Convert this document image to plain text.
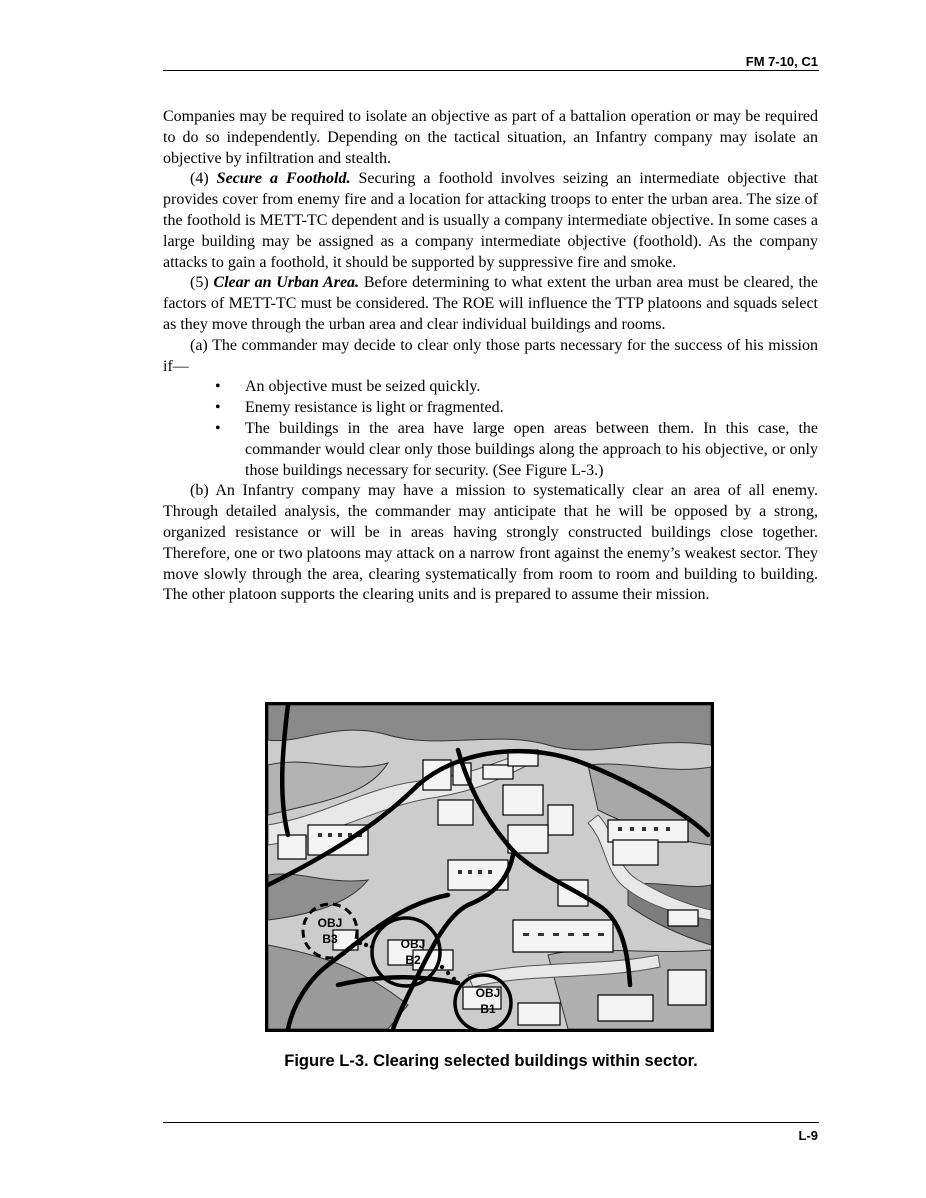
FM 7-10, C1

Companies may be required to isolate an objective as part of a battalion operation or may be required to do so independently. Depending on the tactical situation, an Infantry company may isolate an objective by infiltration and stealth.

(4) Secure a Foothold. Securing a foothold involves seizing an intermediate objective that provides cover from enemy fire and a location for attacking troops to enter the urban area. The size of the foothold is METT-TC dependent and is usually a company intermediate objective. In some cases a large building may be assigned as a company intermediate objective (foothold). As the company attacks to gain a foothold, it should be supported by suppressive fire and smoke.

(5) Clear an Urban Area. Before determining to what extent the urban area must be cleared, the factors of METT-TC must be considered. The ROE will influence the TTP platoons and squads select as they move through the urban area and clear individual buildings and rooms.

(a) The commander may decide to clear only those parts necessary for the success of his mission if—

• An objective must be seized quickly.
• Enemy resistance is light or fragmented.
• The buildings in the area have large open areas between them. In this case, the commander would clear only those buildings along the approach to his objective, or only those buildings necessary for security. (See Figure L-3.)

(b) An Infantry company may have a mission to systematically clear an area of all enemy. Through detailed analysis, the commander may anticipate that he will be opposed by a strong, organized resistance or will be in areas having strongly constructed buildings close together. Therefore, one or two platoons may attack on a narrow front against the enemy’s weakest sector. They move slowly through the area, clearing systematically from room to room and building to building. The other platoon supports the clearing units and is prepared to assume their mission.

OBJ
B3	OBJ
B2
OBJ
B1
Figure L-3. Clearing selected buildings within sector.
L-9
